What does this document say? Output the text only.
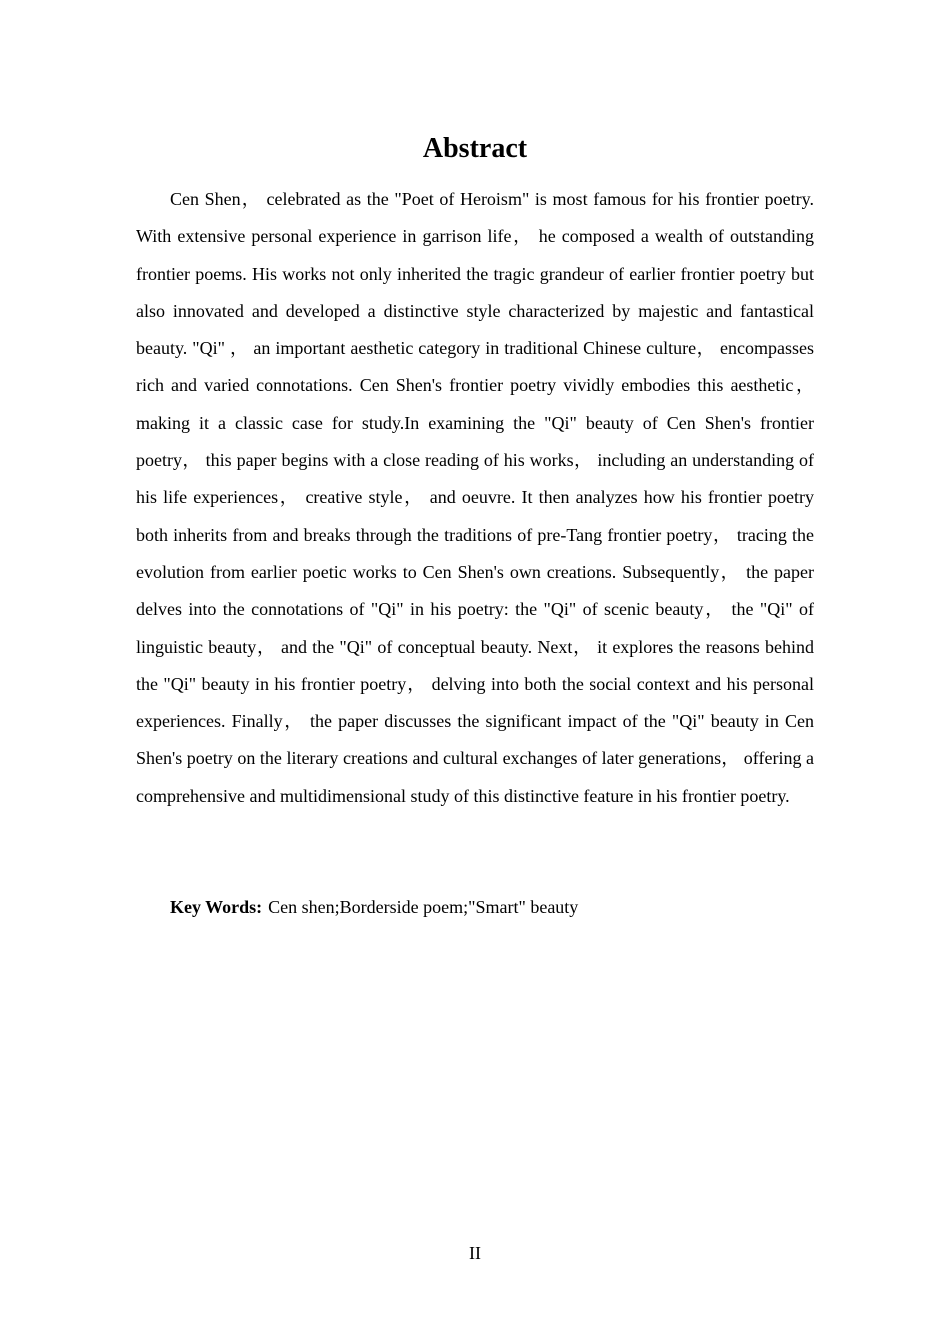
Abstract

Cen Shen， celebrated as the "Poet of Heroism" is most famous for his frontier poetry. With extensive personal experience in garrison life， he composed a wealth of outstanding frontier poems. His works not only inherited the tragic grandeur of earlier frontier poetry but also innovated and developed a distinctive style characterized by majestic and fantastical beauty. "Qi" ， an important aesthetic category in traditional Chinese culture， encompasses rich and varied connotations. Cen Shen's frontier poetry vividly embodies this aesthetic， making it a classic case for study.In examining the "Qi" beauty of Cen Shen's frontier poetry， this paper begins with a close reading of his works， including an understanding of his life experiences， creative style， and oeuvre. It then analyzes how his frontier poetry both inherits from and breaks through the traditions of pre-Tang frontier poetry， tracing the evolution from earlier poetic works to Cen Shen's own creations. Subsequently， the paper delves into the connotations of "Qi" in his poetry: the "Qi" of scenic beauty， the "Qi" of linguistic beauty， and the "Qi" of conceptual beauty. Next， it explores the reasons behind the "Qi" beauty in his frontier poetry， delving into both the social context and his personal experiences. Finally， the paper discusses the significant impact of the "Qi" beauty in Cen Shen's poetry on the literary creations and cultural exchanges of later generations， offering a comprehensive and multidimensional study of this distinctive feature in his frontier poetry.

Key Words: Cen shen;Borderside poem;"Smart" beauty

II
